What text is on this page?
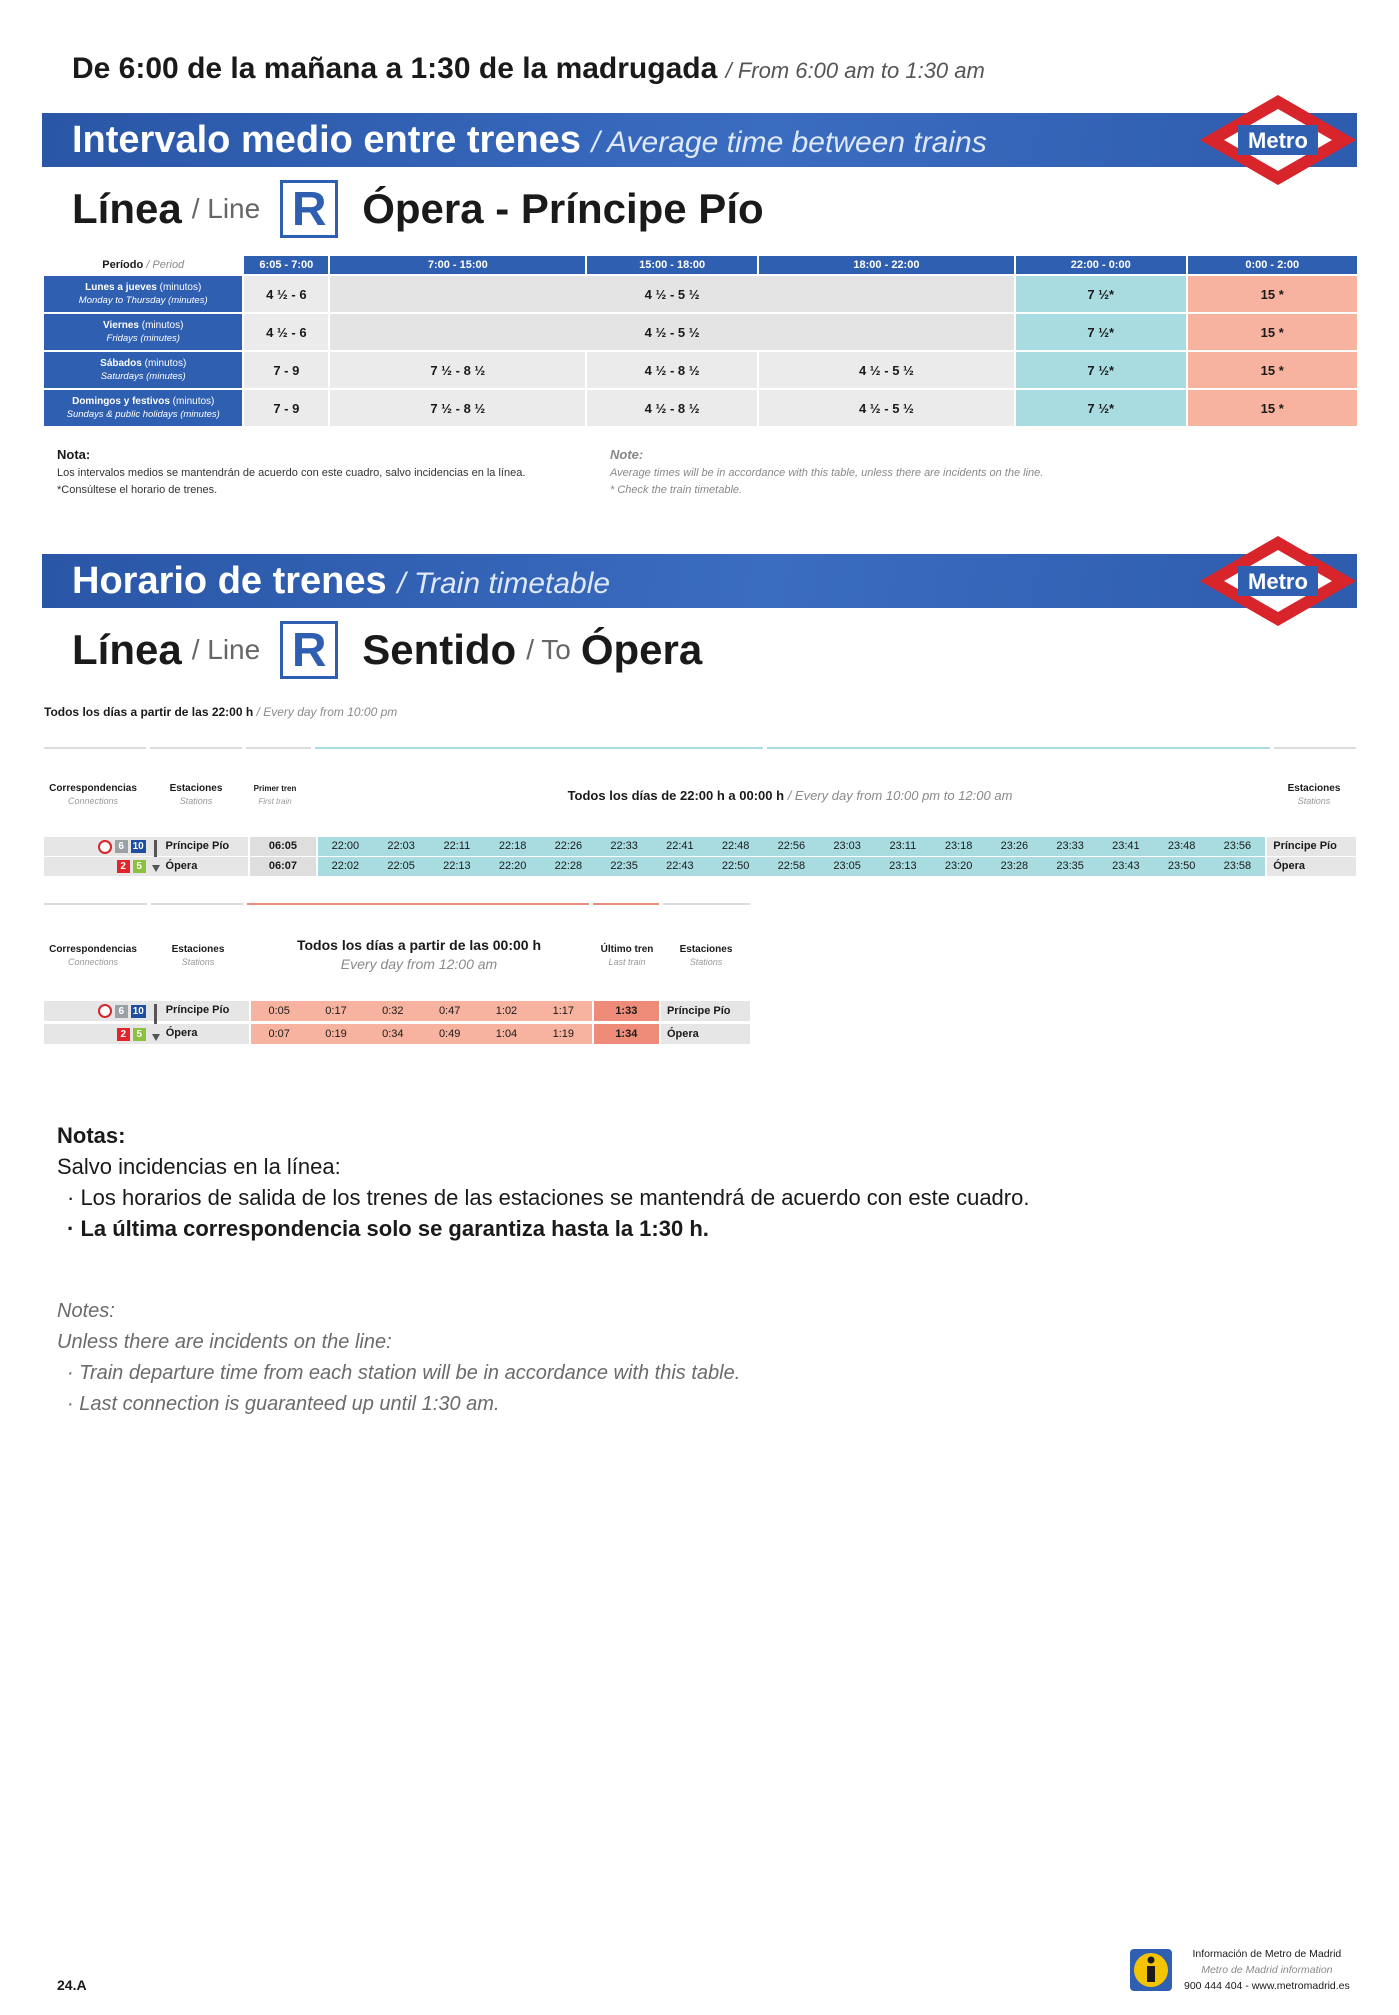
De 6:00 de la mañana a 1:30 de la madrugada / From 6:00 am to 1:30 am
Intervalo medio entre trenes / Average time between trains	Metro
Línea / Line R Ópera - Príncipe Pío
Período / Period	6:05 - 7:00	7:00 - 15:00	15:00 - 18:00	18:00 - 22:00	22:00 - 0:00	0:00 - 2:00
Lunes a jueves (minutos)
Monday to Thursday (minutes)	4 ½ - 6	4 ½ - 5 ½			7 ½*	15 *
Viernes (minutos)
Fridays (minutes)	4 ½ - 6	4 ½ - 5 ½			7 ½*	15 *
Sábados (minutos)
Saturdays (minutes)	7 - 9	7 ½ - 8 ½	4 ½ - 8 ½	4 ½ - 5 ½	7 ½*	15 *
Domingos y festivos (minutos)
Sundays & public holidays (minutes)	7 - 9	7 ½ - 8 ½	4 ½ - 8 ½	4 ½ - 5 ½	7 ½*	15 *
Nota:
Los intervalos medios se mantendrán de acuerdo con este cuadro, salvo incidencias en la línea.
*Consúltese el horario de trenes.
Note:
Average times will be in accordance with this table, unless there are incidents on the line.
* Check the train timetable.
Horario de trenes / Train timetable	Metro
Línea / Line R Sentido / To Ópera
Todos los días a partir de las 22:00 h / Every day from 10:00 pm
Correspondencias
Connections
Estaciones
Stations
Primer tren
First train	Todos los días de 22:00 h a 00:00 h / Every day from 10:00 pm to 12:00 am	Estaciones
Stations
6 10	Príncipe Pío	06:05	22:00	22:03	22:11	22:18	22:26	22:33	22:41	22:48	22:56	23:03	23:11	23:18	23:26	23:33	23:41	23:48	23:56	Príncipe Pío
2	5	Ópera	06:07	22:02	22:05	22:13	22:20	22:28	22:35	22:43	22:50	22:58	23:05	23:13	23:20	23:28	23:35	23:43	23:50	23:58	Ópera
Correspondencias
Connections
Estaciones
Stations
Todos los días a partir de las 00:00 h
Every day from 12:00 am
Último tren
Last train
Estaciones
Stations
6 10	Príncipe Pío	0:05	0:17	0:32	0:47	1:02	1:17	1:33	Príncipe Pío
2	5	Ópera	0:07	0:19	0:34	0:49	1:04	1:19	1:34	Ópera
Notas:
Salvo incidencias en la línea:
· Los horarios de salida de los trenes de las estaciones se mantendrá de acuerdo con este cuadro.
· La última correspondencia solo se garantiza hasta la 1:30 h.
Notes:
Unless there are incidents on the line:
· Train departure time from each station will be in accordance with this table.
· Last connection is guaranteed up until 1:30 am.
24.A
Información de Metro de Madrid
Metro de Madrid information
900 444 404 - www.metromadrid.es
